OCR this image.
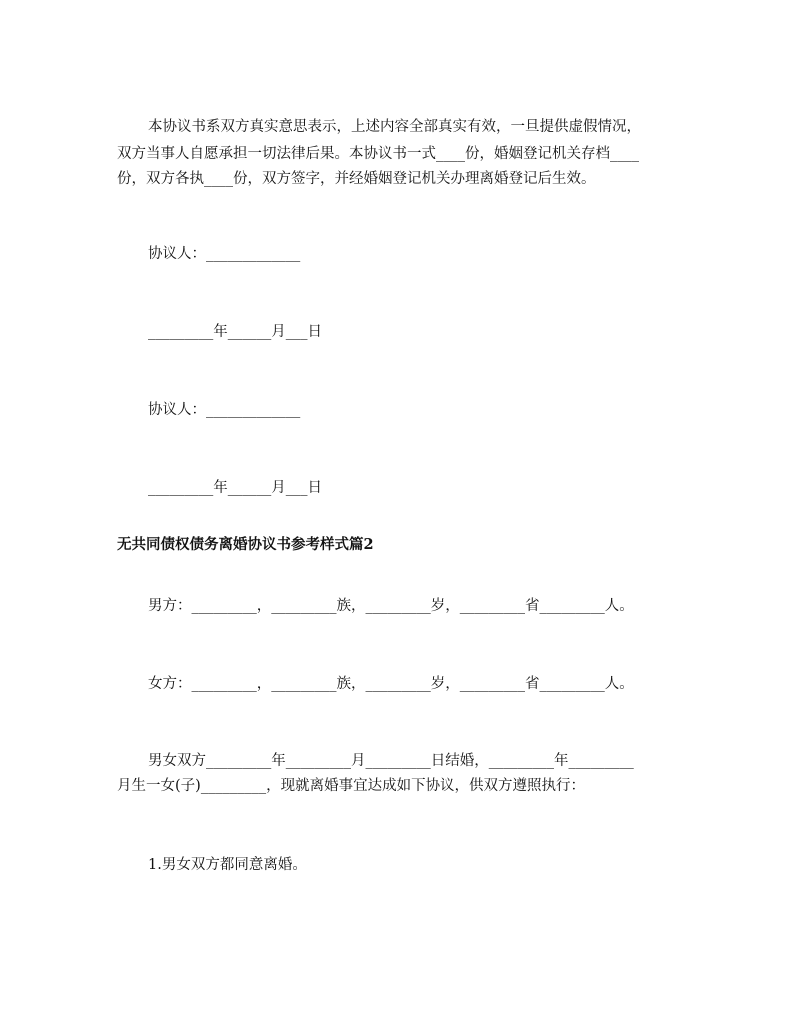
本协议书系双方真实意思表示，上述内容全部真实有效，一旦提供虚假情况，
双方当事人自愿承担一切法律后果。本协议书一式____份，婚姻登记机关存档____
份，双方各执____份，双方签字，并经婚姻登记机关办理离婚登记后生效。
协议人：_____________
_________年______月___日
协议人：_____________
_________年______月___日
无共同债权债务离婚协议书参考样式篇2
男方：_________，_________族，_________岁，_________省_________人。
女方：_________，_________族，_________岁，_________省_________人。
男女双方_________年_________月_________日结婚，_________年_________
月生一女(子)_________，现就离婚事宜达成如下协议，供双方遵照执行：
1.男女双方都同意离婚。
